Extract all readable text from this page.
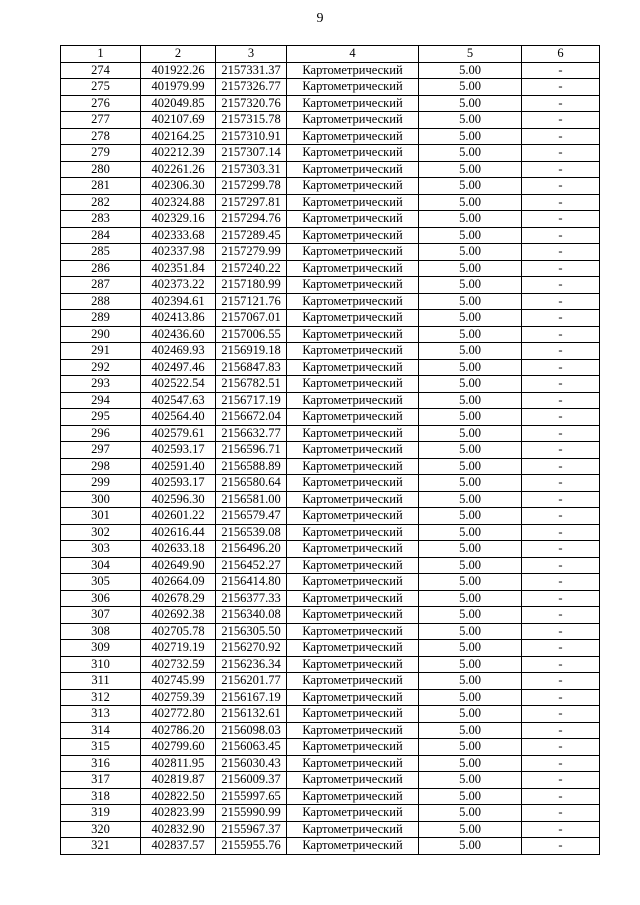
9
1	2	3	4	5	6
274	401922.26	2157331.37	Картометрический	5.00	-
275	401979.99	2157326.77	Картометрический	5.00	-
276	402049.85	2157320.76	Картометрический	5.00	-
277	402107.69	2157315.78	Картометрический	5.00	-
278	402164.25	2157310.91	Картометрический	5.00	-
279	402212.39	2157307.14	Картометрический	5.00	-
280	402261.26	2157303.31	Картометрический	5.00	-
281	402306.30	2157299.78	Картометрический	5.00	-
282	402324.88	2157297.81	Картометрический	5.00	-
283	402329.16	2157294.76	Картометрический	5.00	-
284	402333.68	2157289.45	Картометрический	5.00	-
285	402337.98	2157279.99	Картометрический	5.00	-
286	402351.84	2157240.22	Картометрический	5.00	-
287	402373.22	2157180.99	Картометрический	5.00	-
288	402394.61	2157121.76	Картометрический	5.00	-
289	402413.86	2157067.01	Картометрический	5.00	-
290	402436.60	2157006.55	Картометрический	5.00	-
291	402469.93	2156919.18	Картометрический	5.00	-
292	402497.46	2156847.83	Картометрический	5.00	-
293	402522.54	2156782.51	Картометрический	5.00	-
294	402547.63	2156717.19	Картометрический	5.00	-
295	402564.40	2156672.04	Картометрический	5.00	-
296	402579.61	2156632.77	Картометрический	5.00	-
297	402593.17	2156596.71	Картометрический	5.00	-
298	402591.40	2156588.89	Картометрический	5.00	-
299	402593.17	2156580.64	Картометрический	5.00	-
300	402596.30	2156581.00	Картометрический	5.00	-
301	402601.22	2156579.47	Картометрический	5.00	-
302	402616.44	2156539.08	Картометрический	5.00	-
303	402633.18	2156496.20	Картометрический	5.00	-
304	402649.90	2156452.27	Картометрический	5.00	-
305	402664.09	2156414.80	Картометрический	5.00	-
306	402678.29	2156377.33	Картометрический	5.00	-
307	402692.38	2156340.08	Картометрический	5.00	-
308	402705.78	2156305.50	Картометрический	5.00	-
309	402719.19	2156270.92	Картометрический	5.00	-
310	402732.59	2156236.34	Картометрический	5.00	-
311	402745.99	2156201.77	Картометрический	5.00	-
312	402759.39	2156167.19	Картометрический	5.00	-
313	402772.80	2156132.61	Картометрический	5.00	-
314	402786.20	2156098.03	Картометрический	5.00	-
315	402799.60	2156063.45	Картометрический	5.00	-
316	402811.95	2156030.43	Картометрический	5.00	-
317	402819.87	2156009.37	Картометрический	5.00	-
318	402822.50	2155997.65	Картометрический	5.00	-
319	402823.99	2155990.99	Картометрический	5.00	-
320	402832.90	2155967.37	Картометрический	5.00	-
321	402837.57	2155955.76	Картометрический	5.00	-
